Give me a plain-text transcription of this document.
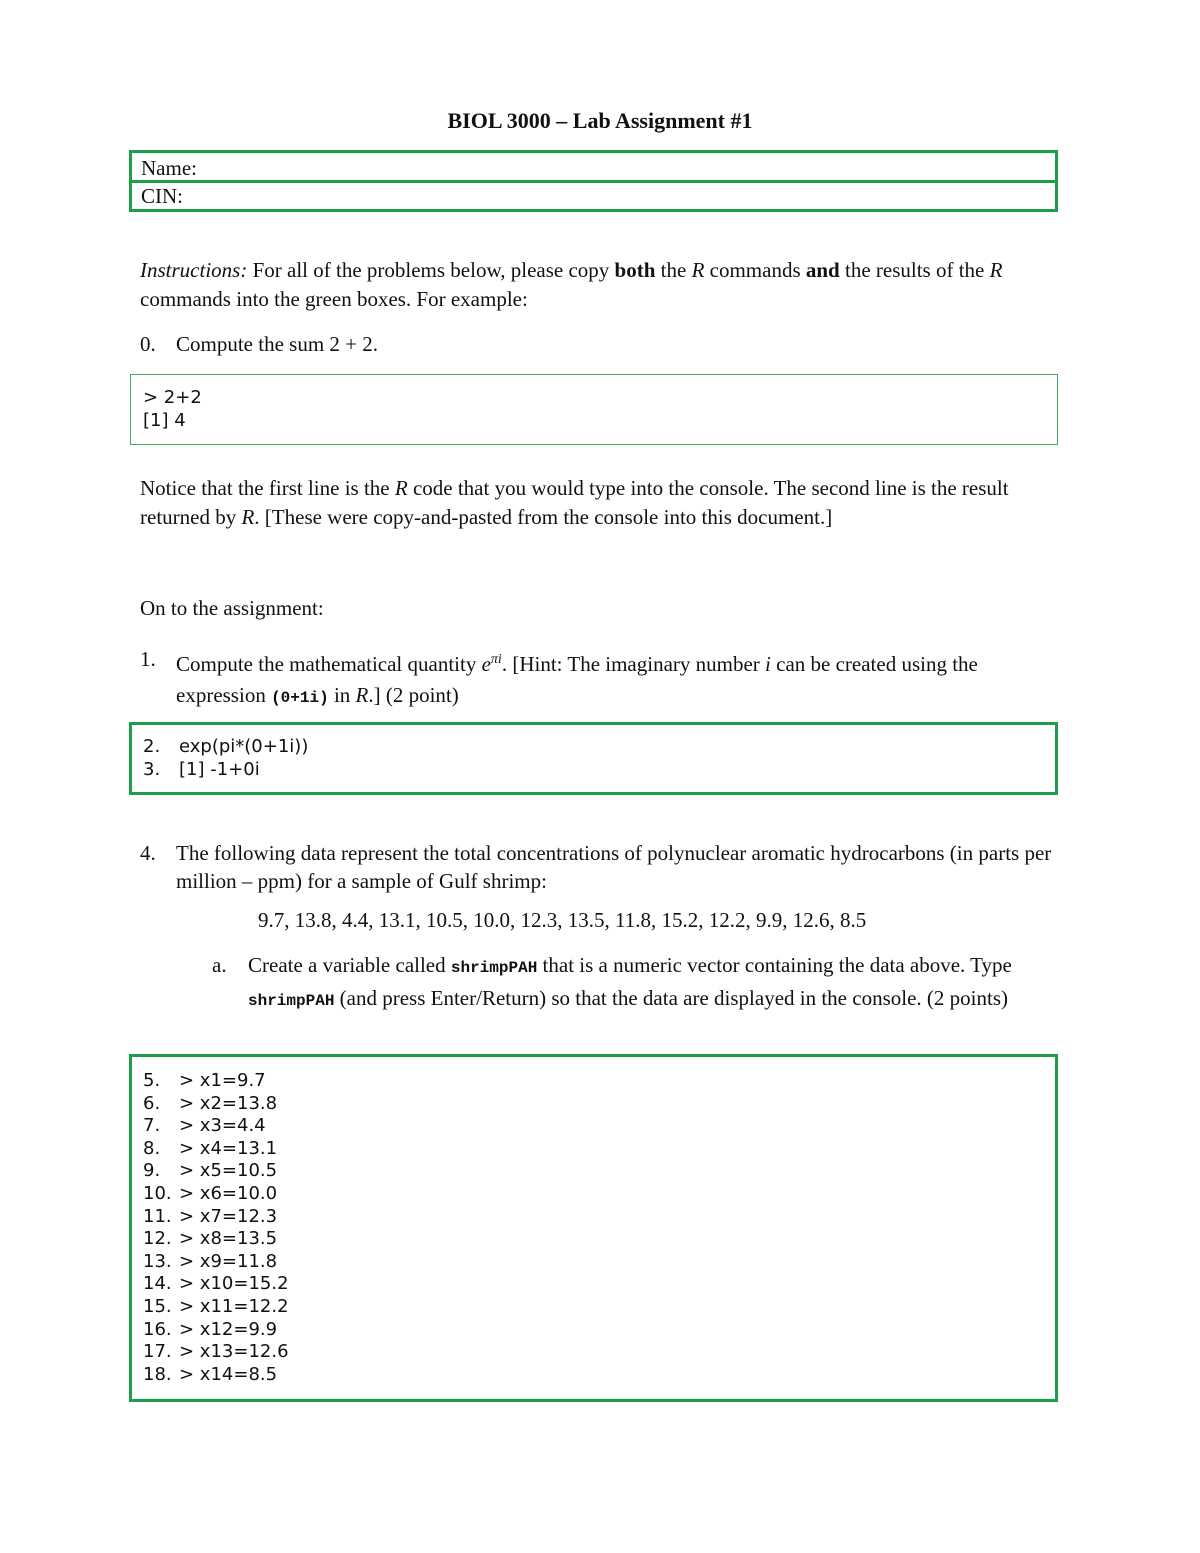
BIOL 3000 – Lab Assignment #1
Name:
CIN:
Instructions: For all of the problems below, please copy both the R commands and the results of the R commands into the green boxes. For example:
0. Compute the sum 2 + 2.
> 2+2
[1] 4
Notice that the first line is the R code that you would type into the console. The second line is the result returned by R. [These were copy-and-pasted from the console into this document.]
On to the assignment:
1. Compute the mathematical quantity $e^{\pi i}$. [Hint: The imaginary number i can be created using the expression (0+1i) in R.] (2 point)
2.	exp(pi*(0+1i))
3.	[1] -1+0i
4. The following data represent the total concentrations of polynuclear aromatic hydrocarbons (in parts per million – ppm) for a sample of Gulf shrimp:
9.7, 13.8, 4.4, 13.1, 10.5, 10.0, 12.3, 13.5, 11.8, 15.2, 12.2, 9.9, 12.6, 8.5
a.	Create a variable called shrimpPAH that is a numeric vector containing the data above. Type shrimpPAH (and press Enter/Return) so that the data are displayed in the console. (2 points)
5.	> x1=9.7
6.	> x2=13.8
7.	> x3=4.4
8.	> x4=13.1
9.	> x5=10.5
10. > x6=10.0
11. > x7=12.3
12. > x8=13.5
13. > x9=11.8
14. > x10=15.2
15. > x11=12.2
16. > x12=9.9
17. > x13=12.6
18. > x14=8.5
